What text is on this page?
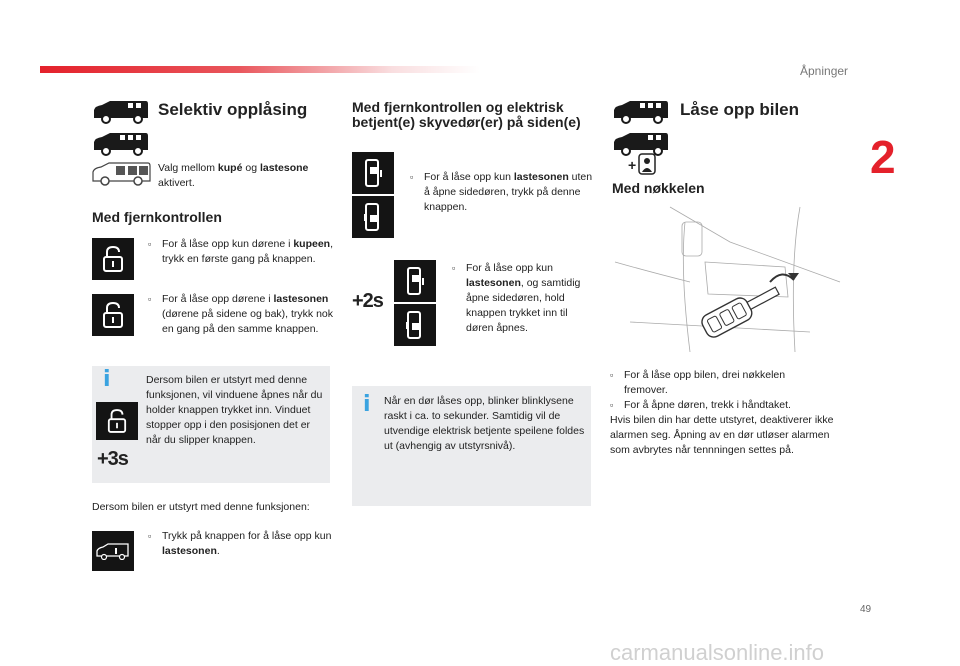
Åpninger
2
49
Selektiv opplåsing
Valg mellom kupé og lastesone
aktivert.
Med fjernkontrollen
▫ For å låse opp kun dørene i kupeen, trykk en første gang på knappen.
▫ For å låse opp dørene i lastesonen (dørene på sidene og bak), trykk nok en gang på den samme knappen.
i
+3s
Dersom bilen er utstyrt med denne funksjonen, vil vinduene åpnes når du holder knappen trykket inn. Vinduet stopper opp i den posisjonen det er når du slipper knappen.
Dersom bilen er utstyrt med denne funksjonen:
▫ Trykk på knappen for å låse opp kun lastesonen.
Med fjernkontrollen og elektrisk betjent(e) skyvedør(er) på siden(e)
▫ For å låse opp kun lastesonen uten å åpne sidedøren, trykk på denne knappen.
+2s
▫ For å låse opp kun lastesonen, og samtidig åpne sidedøren, hold knappen trykket inn til døren åpnes.
i Når en dør låses opp, blinker blinklysene raskt i ca. to sekunder. Samtidig vil de utvendige elektrisk betjente speilene foldes ut (avhengig av utstyrsnivå).
Låse opp bilen
+
Med nøkkelen
▫ For å låse opp bilen, drei nøkkelen fremover.
▫ For å åpne døren, trekk i håndtaket.
Hvis bilen din har dette utstyret, deaktiverer ikke alarmen seg. Åpning av en dør utløser alarmen som avbrytes når tennningen settes på.
carmanualsonline.info
